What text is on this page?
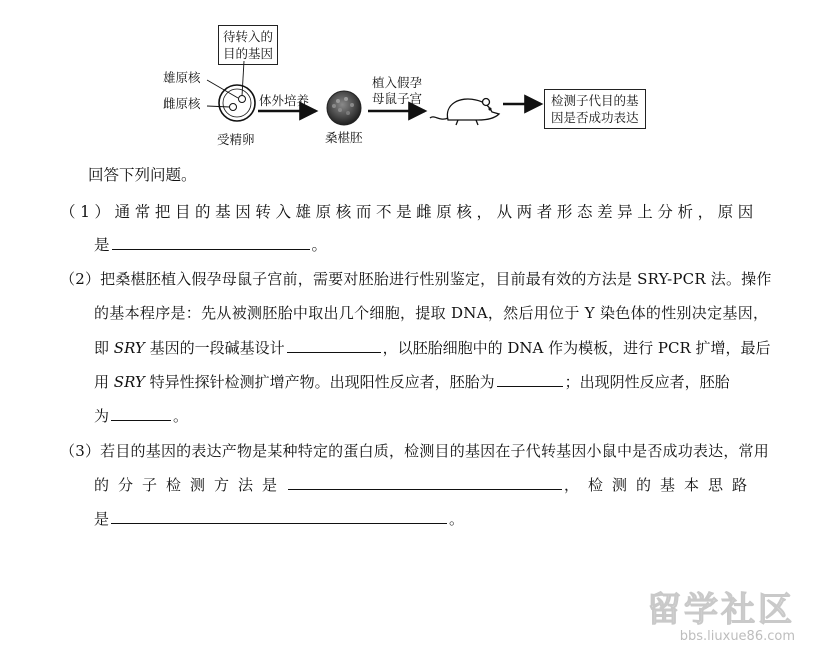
雄原核
雌原核
待转入的
目的基因
受精卵
体外培养
桑椹胚
植入假孕
母鼠子宫	检测子代目的基
因是否成功表达
回答下列问题。
（1）通常把目的基因转入雄原核而不是雌原核，从两者形态差异上分析，原因
是	。
（2）把桑椹胚植入假孕母鼠子宫前，需要对胚胎进行性别鉴定，目前最有效的方法是 SRY-PCR 法。操作
的基本程序是：先从被测胚胎中取出几个细胞，提取 DNA，然后用位于 Y 染色体的性别决定基因，
即 SRY 基因的一段碱基设计	，以胚胎细胞中的 DNA 作为模板，进行 PCR 扩增，最后
用 SRY 特异性探针检测扩增产物。出现阳性反应者，胚胎为	；出现阴性反应者，胚胎
为	。
（3）若目的基因的表达产物是某种特定的蛋白质，检测目的基因在子代转基因小鼠中是否成功表达，常用
的分子检测方法是	，检测的基本思路
是	。
留学社区
bbs.liuxue86.com
